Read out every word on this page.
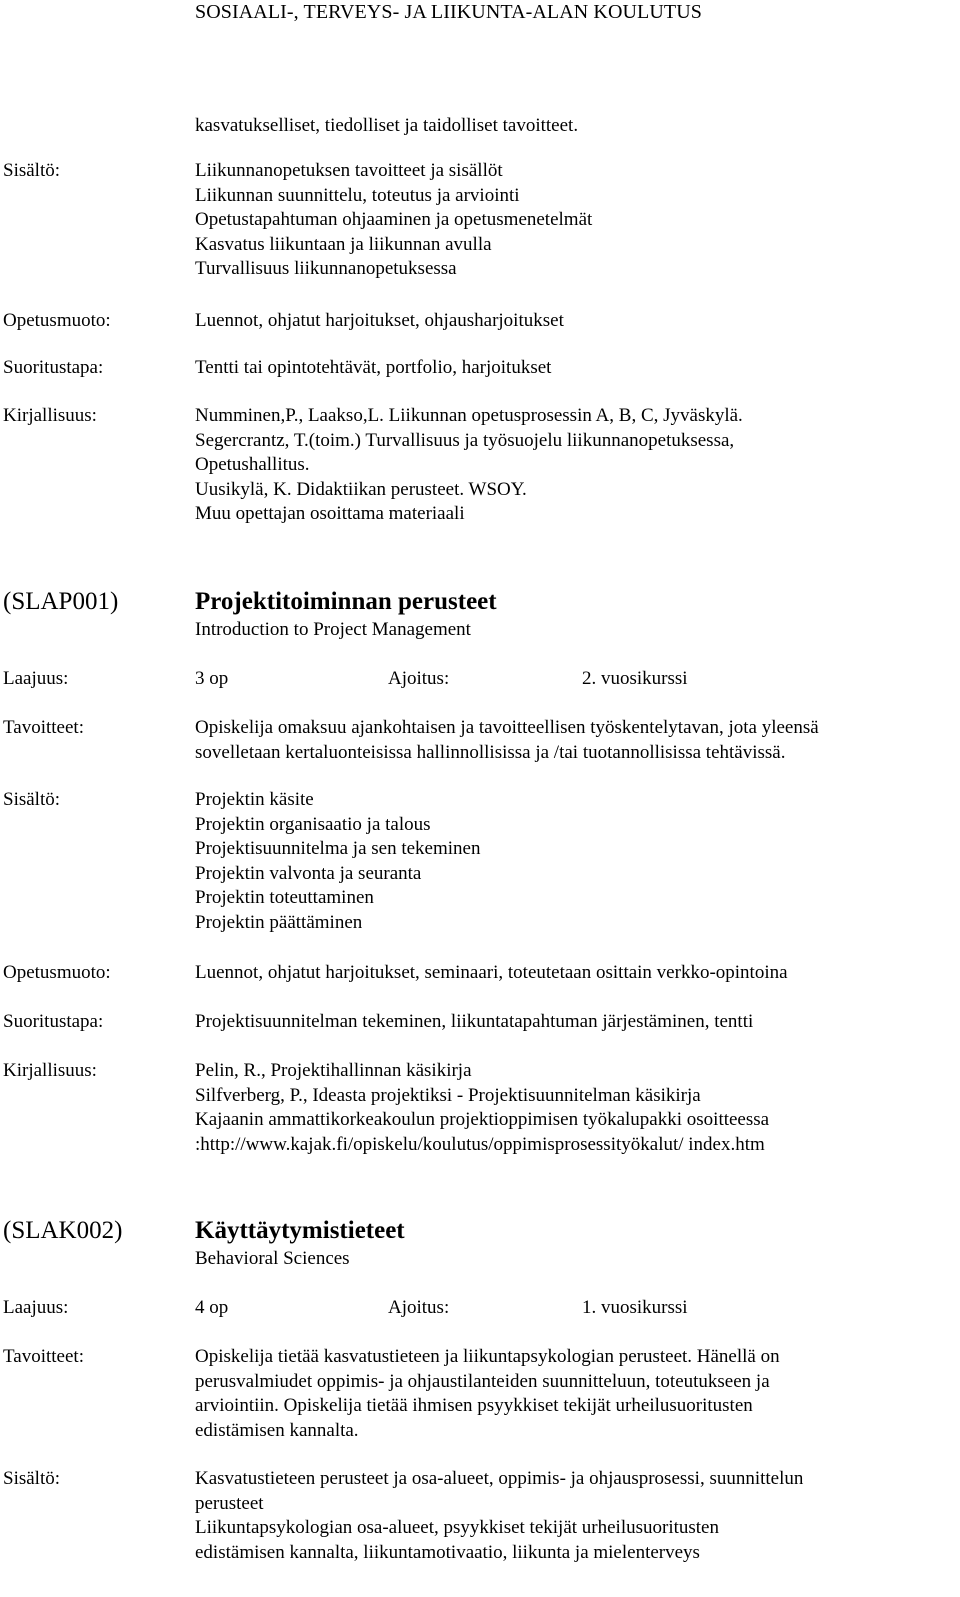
SOSIAALI-, TERVEYS- JA LIIKUNTA-ALAN KOULUTUS
kasvatukselliset, tiedolliset ja taidolliset tavoitteet.
Sisältö:	Liikunnanopetuksen tavoitteet ja sisällöt
Liikunnan suunnittelu, toteutus ja arviointi
Opetustapahtuman ohjaaminen ja opetusmenetelmät
Kasvatus liikuntaan ja liikunnan avulla
Turvallisuus liikunnanopetuksessa
Opetusmuoto:	Luennot, ohjatut harjoitukset, ohjausharjoitukset
Suoritustapa:	Tentti tai opintotehtävät, portfolio, harjoitukset
Kirjallisuus:	Numminen,P., Laakso,L. Liikunnan opetusprosessin A, B, C, Jyväskylä.
Segercrantz, T.(toim.) Turvallisuus ja työsuojelu liikunnanopetuksessa,
Opetushallitus.
Uusikylä, K. Didaktiikan perusteet. WSOY.
Muu opettajan osoittama materiaali
(SLAP001)	Projektitoiminnan perusteet
Introduction to Project Management
Laajuus:	3 op	Ajoitus:	2. vuosikurssi
Tavoitteet:	Opiskelija omaksuu ajankohtaisen ja tavoitteellisen työskentelytavan, jota yleensä
sovelletaan kertaluonteisissa hallinnollisissa ja /tai tuotannollisissa tehtävissä.
Sisältö:	Projektin käsite
Projektin organisaatio ja talous
Projektisuunnitelma ja sen tekeminen
Projektin valvonta ja seuranta
Projektin toteuttaminen
Projektin päättäminen
Opetusmuoto:	Luennot, ohjatut harjoitukset, seminaari, toteutetaan osittain verkko-opintoina
Suoritustapa:	Projektisuunnitelman tekeminen, liikuntatapahtuman järjestäminen, tentti
Kirjallisuus:	Pelin, R., Projektihallinnan käsikirja
Silfverberg, P., Ideasta projektiksi - Projektisuunnitelman käsikirja
Kajaanin ammattikorkeakoulun projektioppimisen työkalupakki osoitteessa
:http://www.kajak.fi/opiskelu/koulutus/oppimisprosessityökalut/ index.htm
(SLAK002)	Käyttäytymistieteet
Behavioral Sciences
Laajuus:	4 op	Ajoitus:	1. vuosikurssi
Tavoitteet:	Opiskelija tietää kasvatustieteen ja liikuntapsykologian perusteet. Hänellä on
perusvalmiudet oppimis- ja ohjaustilanteiden suunnitteluun, toteutukseen ja
arviointiin. Opiskelija tietää ihmisen psyykkiset tekijät urheilusuoritusten
edistämisen kannalta.
Sisältö:	Kasvatustieteen perusteet ja osa-alueet, oppimis- ja ohjausprosessi, suunnittelun
perusteet
Liikuntapsykologian osa-alueet, psyykkiset tekijät urheilusuoritusten
edistämisen kannalta, liikuntamotivaatio, liikunta ja mielenterveys
